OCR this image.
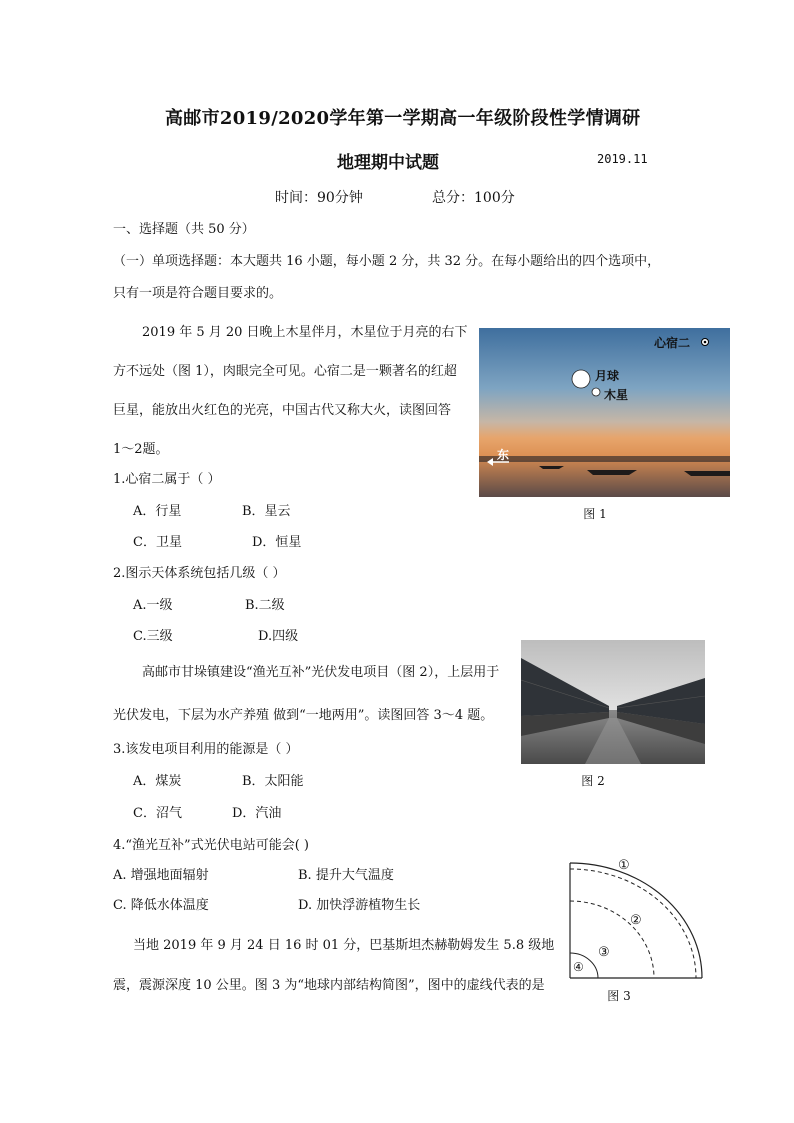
高邮市2019/2020学年第一学期高一年级阶段性学情调研
地理期中试题	2019.11
时间：90分钟	总分：100分
一、选择题（共 50 分）
（一）单项选择题：本大题共 16 小题，每小题 2 分，共 32 分。在每小题给出的四个选项中，
只有一项是符合题目要求的。
2019 年 5 月 20 日晚上木星伴月，木星位于月亮的右下
方不远处（图 1），肉眼完全可见。心宿二是一颗著名的红超
巨星，能放出火红色的光亮，中国古代又称大火，读图回答
1～2题。
心宿二
月球
木星
东
图 1
1.心宿二属于（ ）
A．行星	B．星云
C．卫星	D．恒星
2.图示天体系统包括几级（ ）
A.一级	B.二级
C.三级	D.四级
高邮市甘垛镇建设“渔光互补”光伏发电项目（图 2），上层用于
光伏发电，下层为水产养殖 做到“一地两用”。读图回答 3～4 题。
图 2
3.该发电项目利用的能源是（ ）
A．煤炭	B．太阳能
C．沼气	D．汽油
4.“渔光互补”式光伏电站可能会( )
A. 增强地面辐射	B. 提升大气温度
C. 降低水体温度	D. 加快浮游植物生长
当地 2019 年 9 月 24 日 16 时 01 分，巴基斯坦杰赫勒姆发生 5.8 级地
震，震源深度 10 公里。图 3 为“地球内部结构简图”，图中的虚线代表的是
①
②
③
④
图 3
